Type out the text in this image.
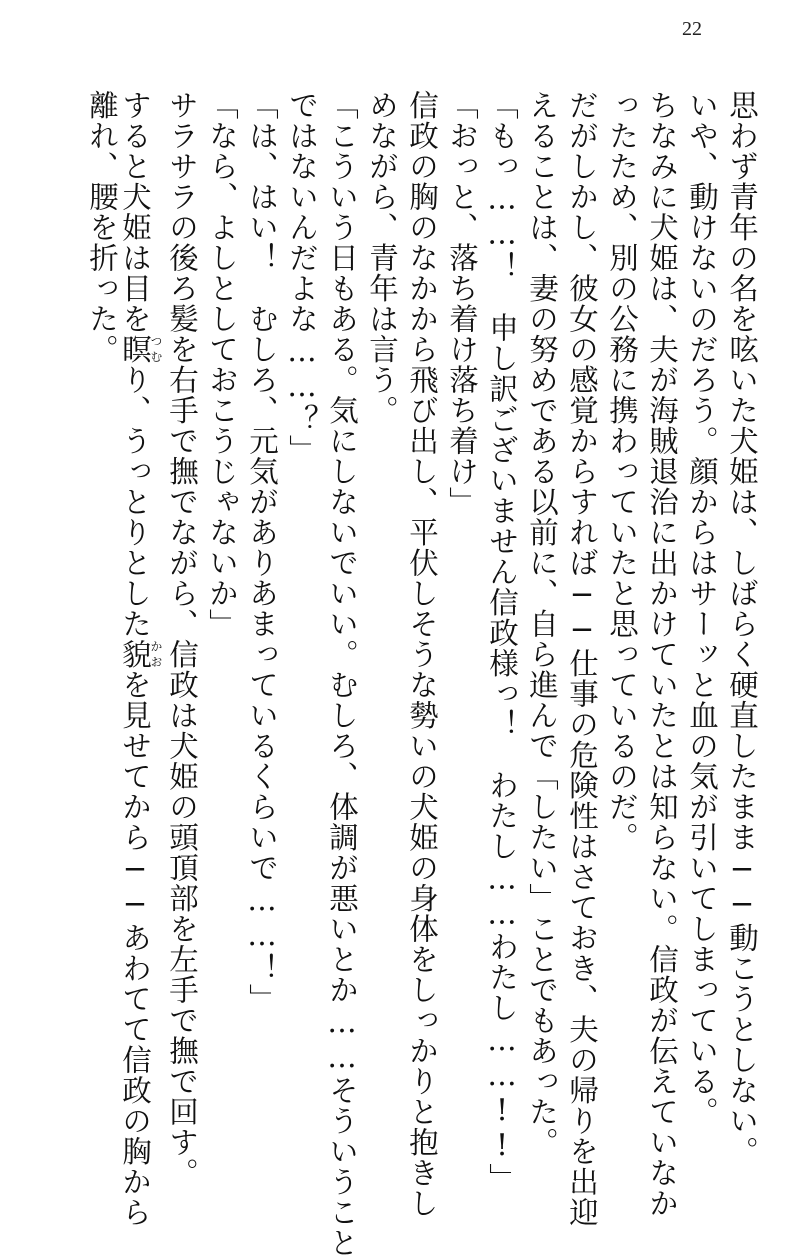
22
思わず青年の名を呟いた犬姫は、しばらく硬直したまま──動こうとしない。
いや、動けないのだろう。顔からはサーッと血の気が引いてしまっている。
ちなみに犬姫は、夫が海賊退治に出かけていたとは知らない。信政が伝えていなか
ったため、別の公務に携わっていたと思っているのだ。
だがしかし、彼女の感覚からすれば──仕事の危険性はさておき、夫の帰りを出迎
えることは、妻の努めである以前に、自ら進んで「したい」ことでもあった。
「もっ……！　申し訳ございません信政様っ！　わたし……わたし……!!」
「おっと、落ち着け落ち着け」
信政の胸のなかから飛び出し、平伏しそうな勢いの犬姫の身体をしっかりと抱きし
めながら、青年は言う。
「こういう日もある。気にしないでいい。むしろ、体調が悪いとか……そういうこと
ではないんだよな……？」
「は、はい！　むしろ、元気がありあまっているくらいで……！」
「なら、よしとしておこうじゃないか」
サラサラの後ろ髪を右手で撫でながら、信政は犬姫の頭頂部を左手で撫で回す。
すると犬姫は目を瞑つむり、うっとりとした貌かおを見せてから──あわてて信政の胸から
離れ、腰を折った。
